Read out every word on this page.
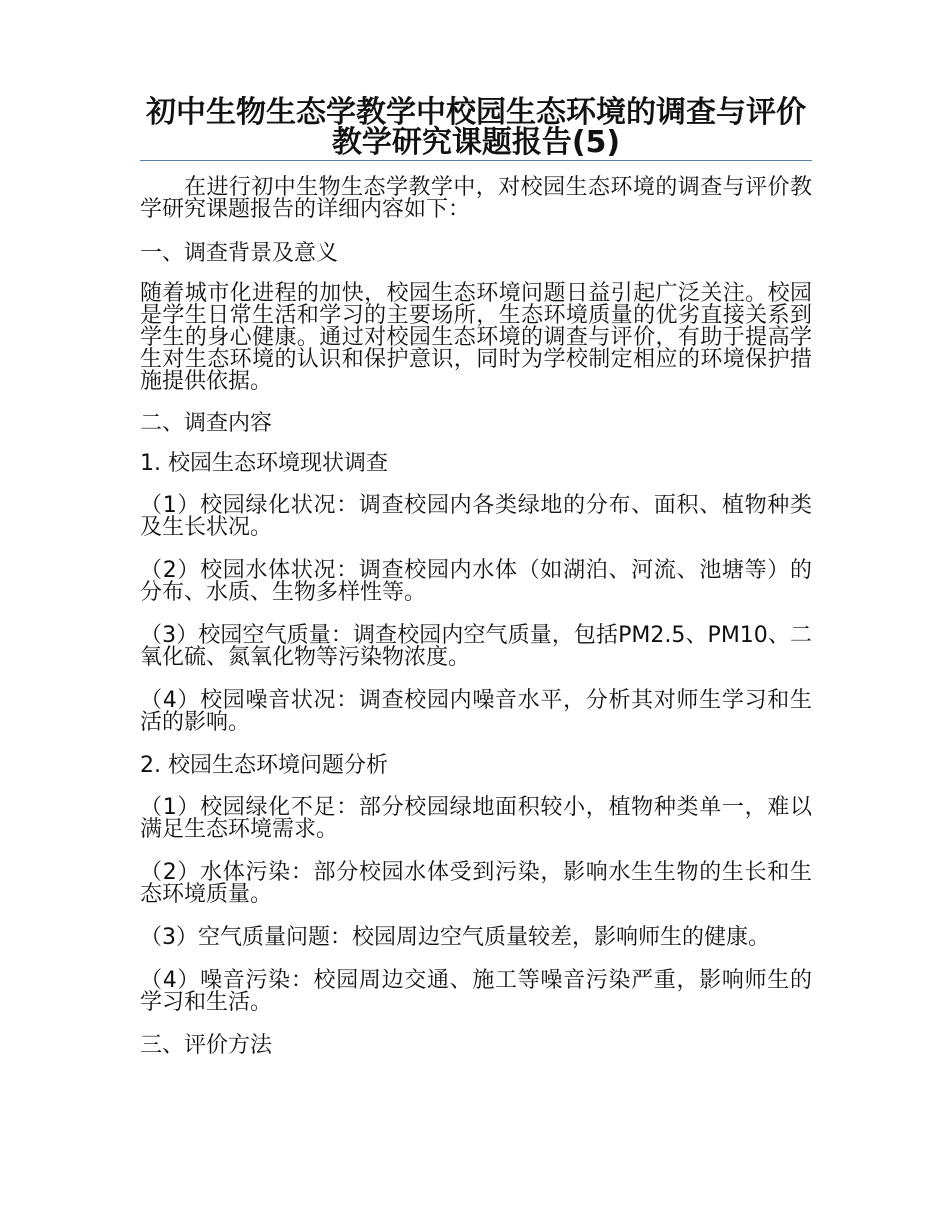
初中生物生态学教学中校园生态环境的调查与评价教学研究课题报告(5)

在进行初中生物生态学教学中，对校园生态环境的调查与评价教学研究课题报告的详细内容如下：

一、调查背景及意义

随着城市化进程的加快，校园生态环境问题日益引起广泛关注。校园是学生日常生活和学习的主要场所，生态环境质量的优劣直接关系到学生的身心健康。通过对校园生态环境的调查与评价，有助于提高学生对生态环境的认识和保护意识，同时为学校制定相应的环境保护措施提供依据。

二、调查内容

1. 校园生态环境现状调查

（1）校园绿化状况：调查校园内各类绿地的分布、面积、植物种类及生长状况。

（2）校园水体状况：调查校园内水体（如湖泊、河流、池塘等）的分布、水质、生物多样性等。

（3）校园空气质量：调查校园内空气质量，包括PM2.5、PM10、二氧化硫、氮氧化物等污染物浓度。

（4）校园噪音状况：调查校园内噪音水平，分析其对师生学习和生活的影响。

2. 校园生态环境问题分析

（1）校园绿化不足：部分校园绿地面积较小，植物种类单一，难以满足生态环境需求。

（2）水体污染：部分校园水体受到污染，影响水生生物的生长和生态环境质量。

（3）空气质量问题：校园周边空气质量较差，影响师生的健康。

（4）噪音污染：校园周边交通、施工等噪音污染严重，影响师生的学习和生活。

三、评价方法
